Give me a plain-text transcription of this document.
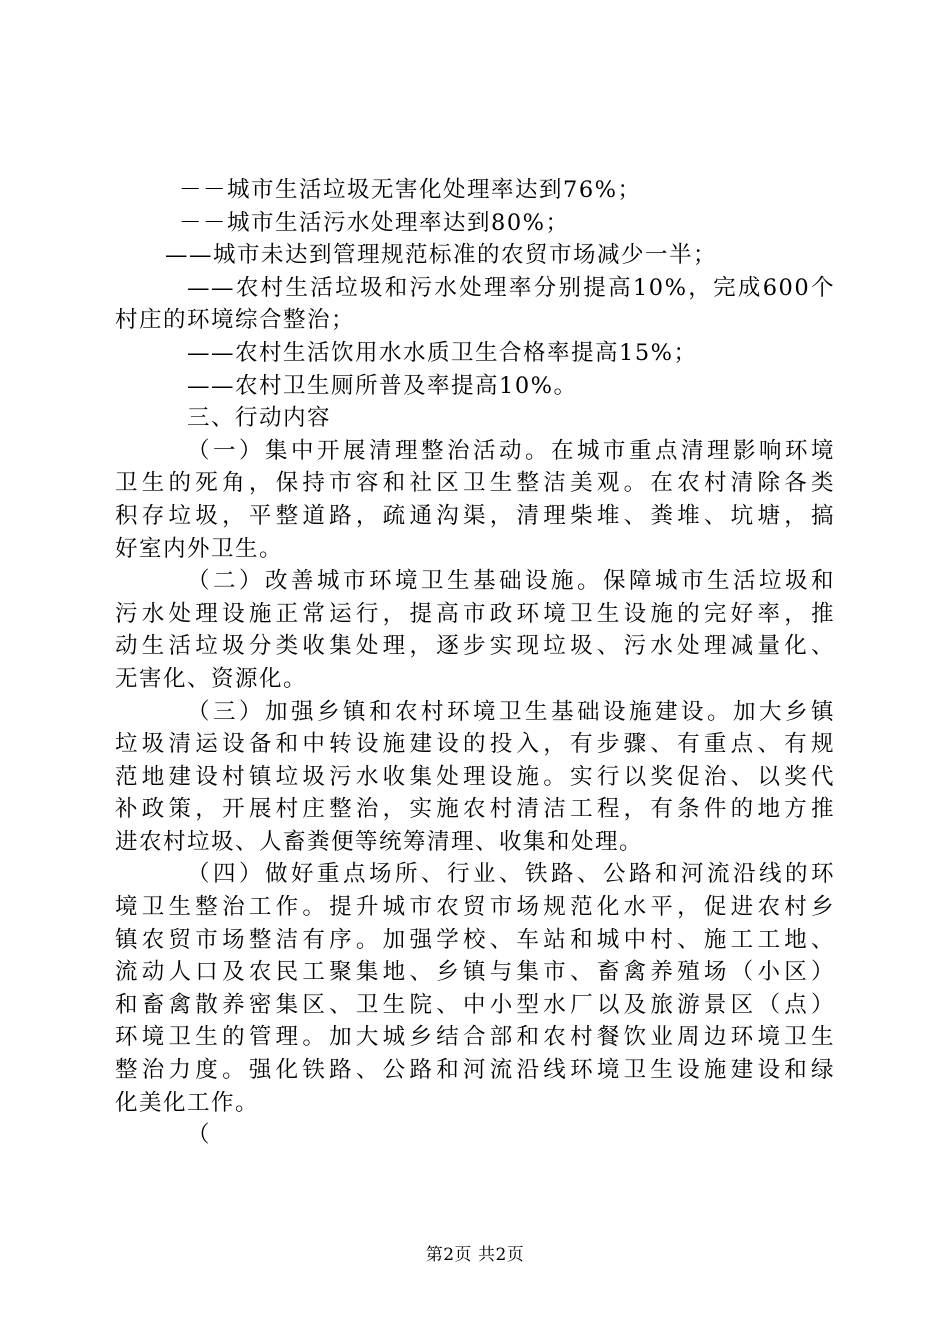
－－城市生活垃圾无害化处理率达到76%；
－－城市生活污水处理率达到80%；
——城市未达到管理规范标准的农贸市场减少一半；
——农村生活垃圾和污水处理率分别提高10%，完成600个
村庄的环境综合整治；
——农村生活饮用水水质卫生合格率提高15%；
——农村卫生厕所普及率提高10%。
三、行动内容
（一）集中开展清理整治活动。在城市重点清理影响环境
卫生的死角，保持市容和社区卫生整洁美观。在农村清除各类
积存垃圾，平整道路，疏通沟渠，清理柴堆、粪堆、坑塘，搞
好室内外卫生。
（二）改善城市环境卫生基础设施。保障城市生活垃圾和
污水处理设施正常运行，提高市政环境卫生设施的完好率，推
动生活垃圾分类收集处理，逐步实现垃圾、污水处理减量化、
无害化、资源化。
（三）加强乡镇和农村环境卫生基础设施建设。加大乡镇
垃圾清运设备和中转设施建设的投入，有步骤、有重点、有规
范地建设村镇垃圾污水收集处理设施。实行以奖促治、以奖代
补政策，开展村庄整治，实施农村清洁工程，有条件的地方推
进农村垃圾、人畜粪便等统筹清理、收集和处理。
（四）做好重点场所、行业、铁路、公路和河流沿线的环
境卫生整治工作。提升城市农贸市场规范化水平，促进农村乡
镇农贸市场整洁有序。加强学校、车站和城中村、施工工地、
流动人口及农民工聚集地、乡镇与集市、畜禽养殖场（小区）
和畜禽散养密集区、卫生院、中小型水厂以及旅游景区（点）
环境卫生的管理。加大城乡结合部和农村餐饮业周边环境卫生
整治力度。强化铁路、公路和河流沿线环境卫生设施建设和绿
化美化工作。
（
第2页 共2页
